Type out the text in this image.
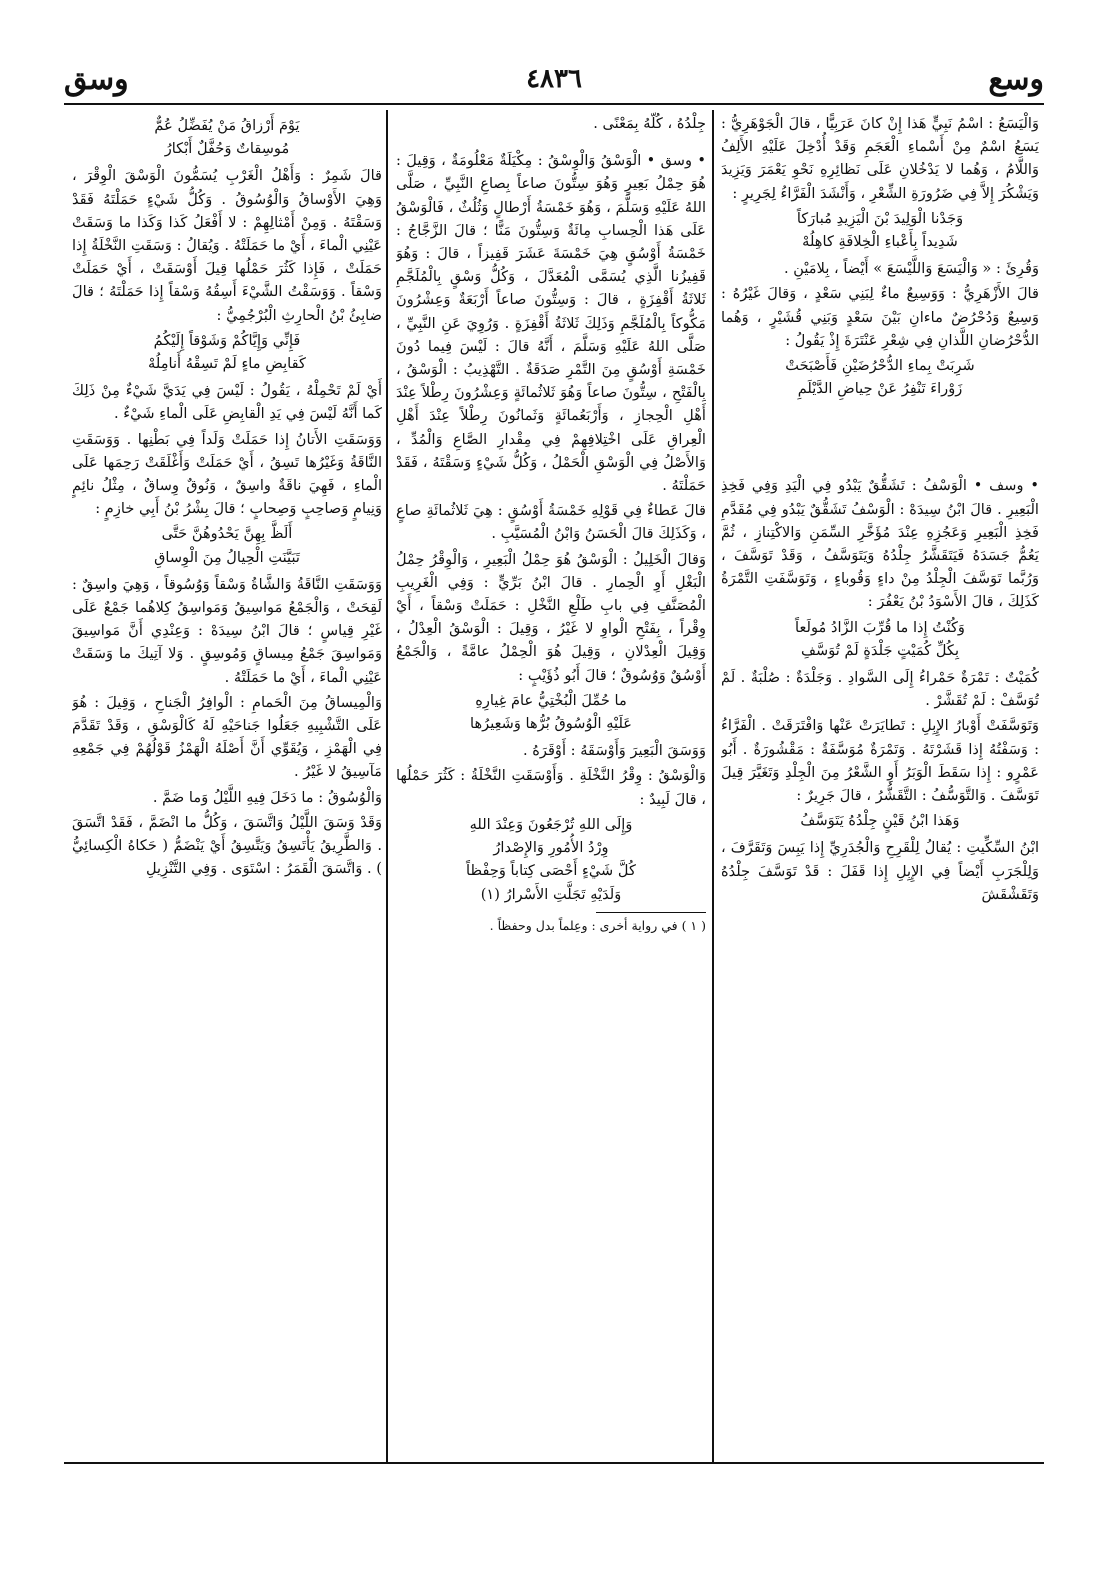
وسع
٤٨٣٦
وسق

وَالْيَسَعُ : اسْمُ نَبِيٍّ هَذا إِنْ كانَ عَرَبِيًّا ، قالَ الْجَوْهَرِيُّ : يَسَعُ اسْمٌ مِنْ أَسْماءِ الْعَجَمِ وَقَدْ أُدْخِلَ عَلَيْهِ الأَلِفُ وَاللَّامُ ، وَهُما لا يَدْخُلانِ عَلَى نَظائِرِهِ نَحْوِ يَعْمَرَ وَيَزِيدَ وَيَشْكُرَ إِلاَّ فِي ضَرُورَةِ الشِّعْرِ ، وَأَنْشَدَ الْفَرَّاءُ لِجَرِيرٍ :

وَجَدْنا الْوَلِيدَ بْنَ الْيَزِيدِ مُبارَكاً

شَدِيداً بِأَعْباءِ الْخِلافَةِ كاهِلُهْ

وَقُرِئَ : « وَالْيَسَعَ وَاللَّيْسَعَ » أَيْضاً ، بِلامَيْنِ .

قالَ الأَزْهَرِيُّ : وَوَسِيعٌ ماءٌ لِبَنِي سَعْدٍ ، وَقالَ غَيْرُهُ : وَسِيعٌ وَدُحْرُضٌ ماءانِ بَيْنَ سَعْدٍ وَبَنِي قُشَيْرٍ ، وَهُما الدُّحْرُضانِ اللَّذانِ فِي شِعْرِ عَنْتَرَةَ إِذْ يَقُولُ :

شَرِبَتْ بِماءِ الدُّحْرُضَيْنِ فَأَصْبَحَتْ

زَوْراءَ تَنْفِرُ عَنْ حِياضِ الدَّيْلَمِ

• وسف • الْوَسْفُ : تَشَقُّقٌ يَبْدُو فِي الْيَدِ وَفِي فَخِذِ الْبَعِيرِ . قالَ ابْنُ سِيدَهْ : الْوَسْفُ تَشَقُّقٌ يَبْدُو فِي مُقَدَّمِ فَخِذِ الْبَعِيرِ وَعَجُزِهِ عِنْدَ مُؤَخَّرِ السِّمَنِ وَالاكْتِنازِ ، ثُمَّ يَعُمُّ جَسَدَهُ فَيَتَقَشَّرُ جِلْدُهُ وَيَتَوَسَّفُ ، وَقَدْ تَوَسَّفَ ، وَرُبَّما تَوَسَّفَ الْجِلْدُ مِنْ داءٍ وَقُوباءٍ ، وَتَوَسَّفَتِ التَّمْرَةُ كَذَلِكَ ، قالَ الأَسْوَدُ بْنُ يَعْفُرَ :

وَكُنْتُ إِذا ما قُرِّبَ الزَّادُ مُولَعاً

بِكُلِّ كُمَيْتٍ جَلْدَةٍ لَمْ تُوَسَّفِ

كُمَيْتٌ : تَمْرَةٌ حَمْراءُ إِلَى السَّوادِ . وَجَلْدَةٌ : صُلْبَةٌ . لَمْ تُوَسَّفْ : لَمْ تُقَشَّرْ .

وَتَوَسَّفَتْ أَوْبارُ الإِبِلِ : تَطايَرَتْ عَنْها وَافْتَرَقَتْ . الْفَرَّاءُ : وَسَفْتُهُ إِذا قَشَرْتَهُ . وَتَمْرَةٌ مُوَسَّفَةٌ : مَقْشُورَةٌ . أَبُو عَمْرٍو : إِذا سَقَطَ الْوَبَرُ أَوِ الشَّعْرُ مِنَ الْجِلْدِ وَتَغَيَّرَ قِيلَ تَوَسَّفَ . وَالتَّوَسُّفُ : التَّقَشُّرُ ، قالَ جَرِيرٌ :

وَهَذا ابْنُ قَيْنٍ جِلْدُهُ يَتَوَسَّفُ

ابْنُ السِّكِّيتِ : يُقالُ لِلْقَرِحِ وَالْجُدَرِيِّ إِذا يَبِسَ وَتَقَرَّفَ ، وَلِلْجَرَبِ أَيْضاً فِي الإِبِلِ إِذا قَفَلَ : قَدْ تَوَسَّفَ جِلْدُهُ وَتَقَشْقَشَ

جِلْدُهُ ، كُلُّهُ بِمَعْنًى .

• وسق • الْوَسْقُ وَالْوِسْقُ : مِكْيَلَةٌ مَعْلُومَةٌ ، وَقِيلَ : هُوَ حِمْلُ بَعِيرٍ وَهُوَ سِتُّونَ صاعاً بِصاعِ النَّبِيِّ ، صَلَّى اللهُ عَلَيْهِ وَسَلَّمَ ، وَهُوَ خَمْسَةُ أَرْطالٍ وَثُلُثٌ ، فَالْوَسْقُ عَلَى هَذا الْحِسابِ مِائَةٌ وَسِتُّونَ مَنًّا ؛ قالَ الزَّجَّاجُ : خَمْسَةُ أَوْسُقٍ هِيَ خَمْسَةَ عَشَرَ قَفِيزاً ، قالَ : وَهُوَ قَفِيزُنا الَّذِي يُسَمَّى الْمُعَدَّلَ ، وَكُلُّ وَسْقٍ بِالْمُلَجَّمِ ثَلاثَةُ أَقْفِزَةٍ ، قالَ : وَسِتُّونَ صاعاً أَرْبَعَةٌ وَعِشْرُونَ مَكُّوكاً بِالْمُلَجَّمِ وَذَلِكَ ثَلاثَةُ أَقْفِزَةٍ . وَرُوِيَ عَنِ النَّبِيِّ ، صَلَّى اللهُ عَلَيْهِ وَسَلَّمَ ، أَنَّهُ قالَ : لَيْسَ فِيما دُونَ خَمْسَةِ أَوْسُقٍ مِنَ التَّمْرِ صَدَقَةٌ . التَّهْذِيبُ : الْوَسْقُ ، بِالْفَتْحِ ، سِتُّونَ صاعاً وَهُوَ ثَلاثُمائَةٍ وَعِشْرُونَ رِطْلاً عِنْدَ أَهْلِ الْحِجازِ ، وَأَرْبَعُمائَةٍ وَثَمانُونَ رِطْلاً عِنْدَ أَهْلِ الْعِراقِ عَلَى اخْتِلافِهِمْ فِي مِقْدارِ الصَّاعِ وَالْمُدِّ ، وَالأَصْلُ فِي الْوَسْقِ الْحَمْلُ ، وَكُلُّ شَيْءٍ وَسَقْتَهُ ، فَقَدْ حَمَلْتَهُ .

قالَ عَطاءٌ فِي قَوْلِهِ خَمْسَةُ أَوْسُقٍ : هِيَ ثَلاثُمائَةِ صاعٍ ، وَكَذَلِكَ قالَ الْحَسَنُ وَابْنُ الْمُسَيَّبِ .

وَقالَ الْخَلِيلُ : الْوَسْقُ هُوَ حِمْلُ الْبَعِيرِ ، وَالْوِقْرُ حِمْلُ الْبَغْلِ أَوِ الْحِمارِ . قالَ ابْنُ بَرِّيٍّ : وَفِي الْغَرِيبِ الْمُصَنَّفِ فِي بابِ طَلْعِ النَّخْلِ : حَمَلَتْ وَسْقاً ، أَيْ وِقْراً ، بِفَتْحِ الْواوِ لا غَيْرُ ، وَقِيلَ : الْوَسْقُ الْعِدْلُ ، وَقِيلَ الْعِدْلانِ ، وَقِيلَ هُوَ الْحِمْلُ عامَّةً ، وَالْجَمْعُ أَوْسُقٌ وَوُسُوقٌ ؛ قالَ أَبُو ذُؤَيْبٍ :

ما حُمِّلَ الْبُخْتِيُّ عامَ غِيارِهِ

عَلَيْهِ الْوُسُوقُ بُرُّها وَشَعِيرُها

وَوَسَقَ الْبَعِيرَ وَأَوْسَقَهُ : أَوْقَرَهُ .

وَالْوَسْقُ : وِقْرُ النَّخْلَةِ . وَأَوْسَقَتِ النَّخْلَةُ : كَثُرَ حَمْلُها ، قالَ لَبِيدٌ :

وَإِلَى اللهِ تُرْجَعُونَ وَعِنْدَ اللهِ

وِرْدُ الأُمُورِ وَالإِصْدارُ

كُلَّ شَيْءٍ أَحْصَى كِتاباً وَحِفْظاً

وَلَدَيْهِ تَجَلَّتِ الأَسْرارُ (١)

( ١ ) في رواية أخرى : وعِلماً بدل وحفظاً .

يَوْمَ أَرْزاقُ مَنْ يُفَضِّلُ عُمٌّ

مُوسِقاتٌ وَحُفَّلٌ أَبْكارُ

قالَ شَمِرٌ : وَأَهْلُ الْغَرْبِ يُسَمُّونَ الْوَسْقَ الْوِقْرَ ، وَهِيَ الأَوْساقُ وَالْوُسُوقُ . وَكُلُّ شَيْءٍ حَمَلْتَهُ فَقَدْ وَسَقْتَهُ . وَمِنْ أَمْثالِهِمْ : لا أَفْعَلُ كَذا وَكَذا ما وَسَقَتْ عَيْنِي الْماءَ ، أَيْ ما حَمَلَتْهُ . وَيُقالُ : وَسَقَتِ النَّخْلَةُ إِذا حَمَلَتْ ، فَإِذا كَثُرَ حَمْلُها قِيلَ أَوْسَقَتْ ، أَيْ حَمَلَتْ وَسْقاً . وَوَسَقْتُ الشَّيْءَ أَسِقُهُ وَسْقاً إِذا حَمَلْتَهُ ؛ قالَ ضابِئُ بْنُ الْحارِثِ الْبُرْجُمِيُّ :

فَإِنِّي وَإِيَّاكُمْ وَشَوْقاً إِلَيْكُمُ

كَقابِضِ ماءٍ لَمْ تَسِقْهُ أَنامِلُهْ

أَيْ لَمْ تَحْمِلْهُ ، يَقُولُ : لَيْسَ فِي يَدَيَّ شَيْءٌ مِنْ ذَلِكَ كَما أَنَّهُ لَيْسَ فِي يَدِ الْقابِضِ عَلَى الْماءِ شَيْءٌ .

وَوَسَقَتِ الأَتانُ إِذا حَمَلَتْ وَلَداً فِي بَطْنِها . وَوَسَقَتِ النَّاقَةُ وَغَيْرُها تَسِقُ ، أَيْ حَمَلَتْ وَأَغْلَقَتْ رَحِمَها عَلَى الْماءِ ، فَهِيَ ناقَةٌ واسِقٌ ، وَنُوقٌ وِساقٌ ، مِثْلُ نائِمٍ وَنِيامٍ وَصاحِبٍ وَصِحابٍ ؛ قالَ بِشْرُ بْنُ أَبِي خازِمٍ :

أَلَظَّ بِهِنَّ يَحْدُوهُنَّ حَتَّى

تَبَيَّنَتِ الْحِيالُ مِنَ الْوِساقِ

وَوَسَقَتِ النَّاقَةُ وَالشَّاةُ وَسْقاً وَوُسُوقاً ، وَهِيَ واسِقٌ : لَقِحَتْ ، وَالْجَمْعُ مَواسِيقُ وَمَواسِقُ كِلاهُما جَمْعٌ عَلَى غَيْرِ قِياسٍ ؛ قالَ ابْنُ سِيدَهْ : وَعِنْدِي أَنَّ مَواسِيقَ وَمَواسِقَ جَمْعُ مِيساقٍ وَمُوسِقٍ . وَلا آتِيكَ ما وَسَقَتْ عَيْنِي الْماءَ ، أَيْ ما حَمَلَتْهُ .

وَالْمِيساقُ مِنَ الْحَمامِ : الْوافِرُ الْجَناحِ ، وَقِيلَ : هُوَ عَلَى التَّشْبِيهِ جَعَلُوا جَناحَيْهِ لَهُ كَالْوَسْقِ ، وَقَدْ تَقَدَّمَ فِي الْهَمْزِ ، وَيُقَوِّي أَنَّ أَصْلَهُ الْهَمْزُ قَوْلُهُمْ فِي جَمْعِهِ مَآسِيقُ لا غَيْرُ .

وَالْوُسُوقُ : ما دَخَلَ فِيهِ اللَّيْلُ وَما ضَمَّ .

وَقَدْ وَسَقَ اللَّيْلُ وَاتَّسَقَ ، وَكُلُّ ما انْضَمَّ ، فَقَدْ اتَّسَقَ . وَالطَّرِيقُ يَأْتَسِقُ وَيَتَّسِقُ أَيْ يَنْضَمُّ ( حَكاهُ الْكِسائِيُّ ) . وَاتَّسَقَ الْقَمَرُ : اسْتَوَى . وَفِي التَّنْزِيلِ
